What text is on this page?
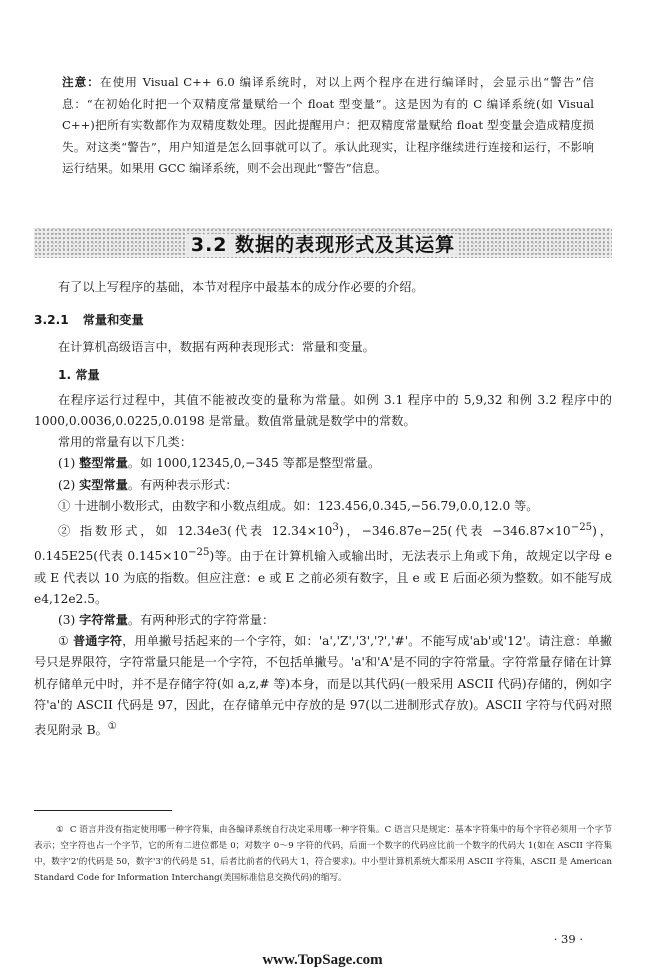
注意：在使用 Visual C++ 6.0 编译系统时，对以上两个程序在进行编译时，会显示出“警告”信息：“在初始化时把一个双精度常量赋给一个 float 型变量”。这是因为有的 C 编译系统(如 Visual C++)把所有实数都作为双精度数处理。因此提醒用户：把双精度常量赋给 float 型变量会造成精度损失。对这类“警告”，用户知道是怎么回事就可以了。承认此现实，让程序继续进行连接和运行，不影响运行结果。如果用 GCC 编译系统，则不会出现此“警告”信息。

3.2 数据的表现形式及其运算

有了以上写程序的基础，本节对程序中最基本的成分作必要的介绍。

3.2.1 常量和变量

在计算机高级语言中，数据有两种表现形式：常量和变量。

1. 常量

在程序运行过程中，其值不能被改变的量称为常量。如例 3.1 程序中的 5,9,32 和例 3.2 程序中的 1000,0.0036,0.0225,0.0198 是常量。数值常量就是数学中的常数。

常用的常量有以下几类：

(1) 整型常量。如 1000,12345,0,−345 等都是整型常量。

(2) 实型常量。有两种表示形式：

① 十进制小数形式，由数字和小数点组成。如：123.456,0.345,−56.79,0.0,12.0 等。

② 指数形式，如 12.34e3(代表 $12.34\times 10^3$)，−346.87e−25(代表 $-346.87\times 10^{-25}$)，0.145E25(代表 $0.145\times 10^{-25}$)等。由于在计算机输入或输出时，无法表示上角或下角，故规定以字母 e 或 E 代表以 10 为底的指数。但应注意：e 或 E 之前必须有数字，且 e 或 E 后面必须为整数。如不能写成 e4,12e2.5。

(3) 字符常量。有两种形式的字符常量：

① 普通字符，用单撇号括起来的一个字符，如：'a','Z','3','?','#'。不能写成'ab'或'12'。请注意：单撇号只是界限符，字符常量只能是一个字符，不包括单撇号。'a'和'A'是不同的字符常量。字符常量存储在计算机存储单元中时，并不是存储字符(如 a,z,# 等)本身，而是以其代码(一般采用 ASCII 代码)存储的，例如字符'a'的 ASCII 代码是 97，因此，在存储单元中存放的是 97(以二进制形式存放)。ASCII 字符与代码对照表见附录 B。①

① C 语言并没有指定使用哪一种字符集，由各编译系统自行决定采用哪一种字符集。C 语言只是规定：基本字符集中的每个字符必须用一个字节表示；空字符也占一个字节，它的所有二进位都是 0；对数字 0～9 字符的代码，后面一个数字的代码应比前一个数字的代码大 1(如在 ASCII 字符集中，数字'2'的代码是 50，数字'3'的代码是 51，后者比前者的代码大 1，符合要求)。中小型计算机系统大都采用 ASCII 字符集，ASCII 是 American Standard Code for Information Interchang(美国标准信息交换代码)的缩写。

· 39 ·
www.TopSage.com
